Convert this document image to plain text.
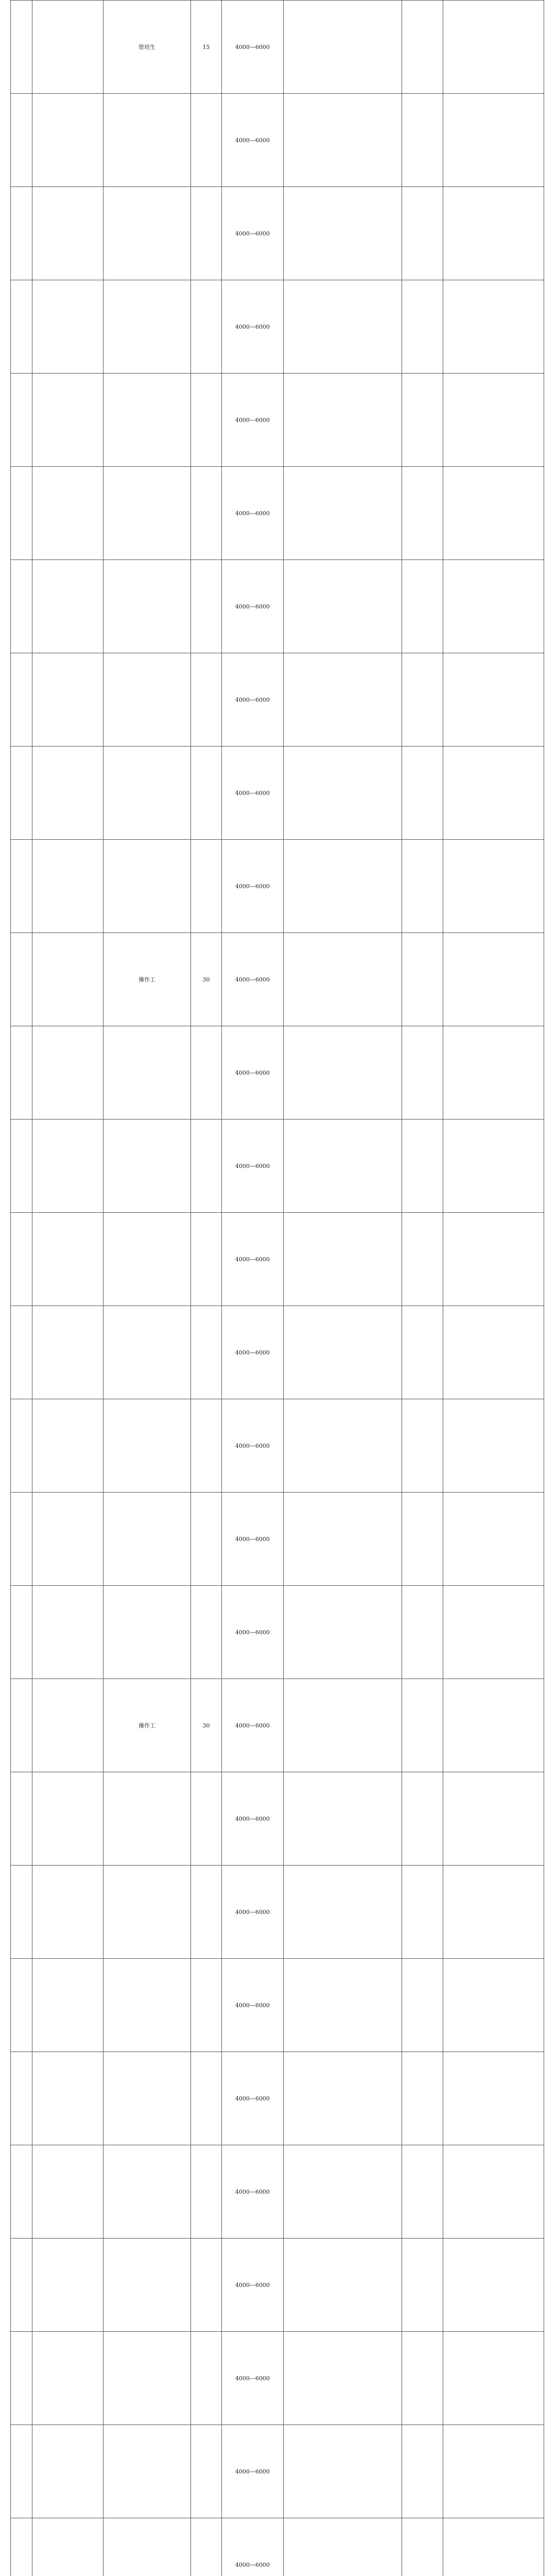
		管培生	15	4000—6000			
				4000—6000			
				4000—6000			
				4000—6000			
				4000—6000			
				4000—6000			
				4000—6000			
				4000—6000			
				4000—6000			
				4000—6000			
		操作工	30	4000—6000			
				4000—6000			
				4000—6000			
				4000—6000			
				4000—6000			
				4000—6000			
				4000—6000			
				4000—6000			
		操作工	30	4000—6000			
				4000—6000			
				4000—6000			
				4000—6000			
				4000—6000			
				4000—6000			
				4000—6000			
				4000—6000			
				4000—6000			
				4000—6000			
